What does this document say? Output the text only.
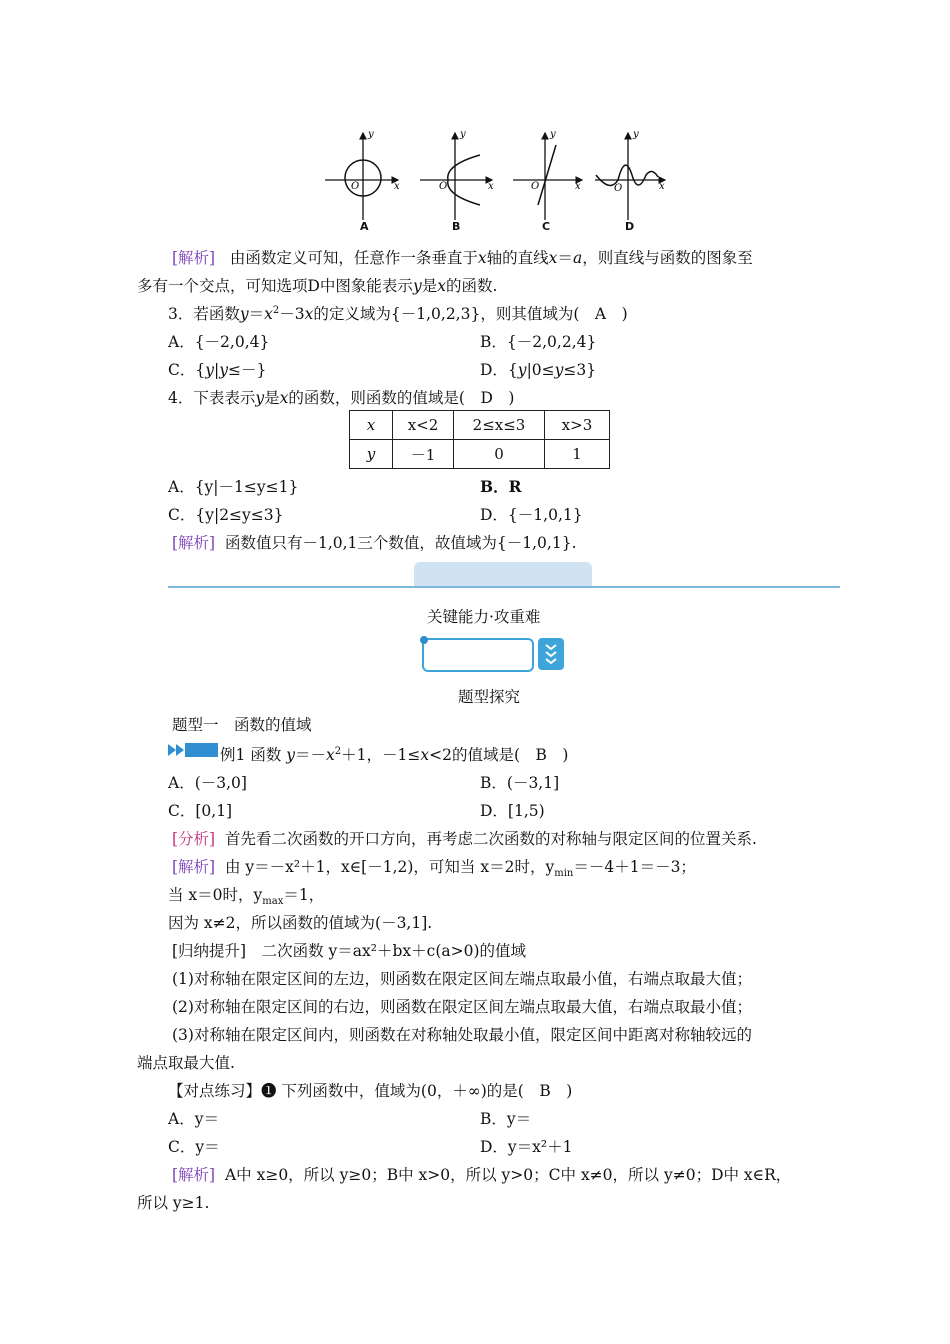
y
x
O
y
x
O
y
x
O
y
x
O
A	B	C	D
[解析] 由函数定义可知，任意作一条垂直于x轴的直线x＝a，则直线与函数的图象至
多有一个交点，可知选项D中图象能表示y是x的函数.
3．若函数$y=x^2-3x$的定义域为{－1,0,2,3}，则其值域为(　A　)
A．{－2,0,4}	B．{－2,0,2,4}
C．{y|y≤－}	D．{y|0≤y≤3}
4．下表表示y是x的函数，则函数的值域是(　D　)
x	x<2	2≤x≤3	x>3
y	－1	0	1
A．{y|－1≤y≤1}	B．R
C．{y|2≤y≤3}	D．{－1,0,1}
[解析] 函数值只有－1,0,1三个数值，故值域为{－1,0,1}.
关键能力·攻重难
题型探究
题型一　函数的值域
例1 函数 $y=-x^2+1$，－1≤x<2的值域是(　B　)
A．(－3,0]	B．(－3,1]
C．[0,1]	D．[1,5)
[分析] 首先看二次函数的开口方向，再考虑二次函数的对称轴与限定区间的位置关系.
[解析] 由 y＝－x²＋1，x∈[－1,2)，可知当 x＝2时，$y_{min}=-4+1=-3$；
当 x＝0时，$y_{max}=1$，
因为 x≠2，所以函数的值域为(－3,1].
[归纳提升]　二次函数 y＝ax²＋bx＋c(a>0)的值域
(1)对称轴在限定区间的左边，则函数在限定区间左端点取最小值，右端点取最大值；
(2)对称轴在限定区间的右边，则函数在限定区间左端点取最大值，右端点取最小值；
(3)对称轴在限定区间内，则函数在对称轴处取最小值，限定区间中距离对称轴较远的
端点取最大值.
【对点练习】❶ 下列函数中，值域为(0，＋∞)的是(　B　)
A．y＝	B．y＝
C．y＝	D．y＝x²＋1
[解析] A中 x≥0，所以 y≥0；B中 x>0，所以 y>0；C中 x≠0，所以 y≠0；D中 x∈R，
所以 y≥1.
